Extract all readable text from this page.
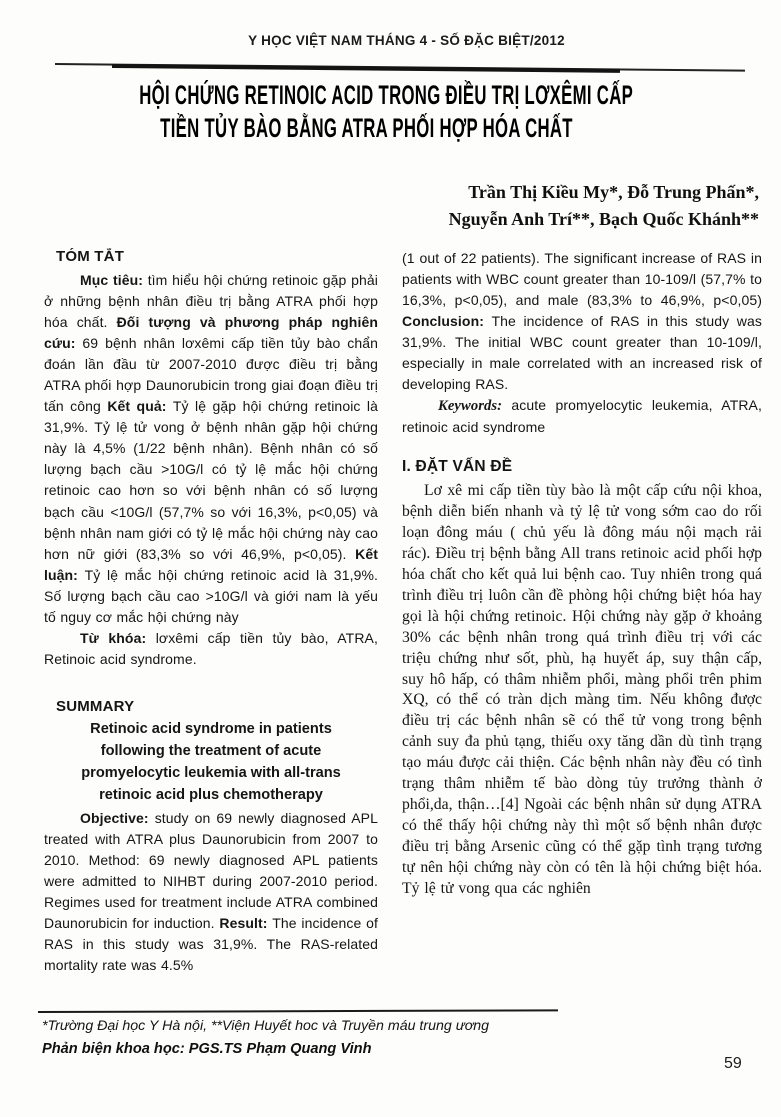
Y HỌC VIỆT NAM THÁNG 4 - SỐ ĐẶC BIỆT/2012
HỘI CHỨNG RETINOIC ACID TRONG ĐIỀU TRỊ LƠXÊMI CẤP
TIỀN TỦY BÀO BẰNG ATRA PHỐI HỢP HÓA CHẤT
Trần Thị Kiều My*, Đỗ Trung Phấn*,
Nguyễn Anh Trí**, Bạch Quốc Khánh**
TÓM TẮT

Mục tiêu: tìm hiểu hội chứng retinoic gặp phải ở những bệnh nhân điều trị bằng ATRA phối hợp hóa chất. Đối tượng và phương pháp nghiên cứu: 69 bệnh nhân lơxêmi cấp tiền tủy bào chẩn đoán lần đầu từ 2007-2010 được điều trị bằng ATRA phối hợp Daunorubicin trong giai đoạn điều trị tấn công Kết quả: Tỷ lệ gặp hội chứng retinoic là 31,9%. Tỷ lệ tử vong ở bệnh nhân gặp hội chứng này là 4,5% (1/22 bệnh nhân). Bệnh nhân có số lượng bạch cầu >10G/l có tỷ lệ mắc hội chứng retinoic cao hơn so với bệnh nhân có số lượng bạch cầu <10G/l (57,7% so với 16,3%, p<0,05) và bệnh nhân nam giới có tỷ lệ mắc hội chứng này cao hơn nữ giới (83,3% so với 46,9%, p<0,05). Kết luận: Tỷ lệ mắc hội chứng retinoic acid là 31,9%. Số lượng bạch cầu cao >10G/l và giới nam là yếu tố nguy cơ mắc hội chứng này

Từ khóa: lơxêmi cấp tiền tủy bào, ATRA, Retinoic acid syndrome.

SUMMARY
Retinoic acid syndrome in patients
following the treatment of acute
promyelocytic leukemia with all-trans
retinoic acid plus chemotherapy

Objective: study on 69 newly diagnosed APL treated with ATRA plus Daunorubicin from 2007 to 2010. Method: 69 newly diagnosed APL patients were admitted to NIHBT during 2007-2010 period. Regimes used for treatment include ATRA combined Daunorubicin for induction. Result: The incidence of RAS in this study was 31,9%. The RAS-related mortality rate was 4.5%

(1 out of 22 patients). The significant increase of RAS in patients with WBC count greater than 10-109/l (57,7% to 16,3%, p<0,05), and male (83,3% to 46,9%, p<0,05) Conclusion: The incidence of RAS in this study was 31,9%. The initial WBC count greater than 10-109/l, especially in male correlated with an increased risk of developing RAS.

Keywords: acute promyelocytic leukemia, ATRA, retinoic acid syndrome

I. ĐẶT VẤN ĐỀ

Lơ xê mi cấp tiền tùy bào là một cấp cứu nội khoa, bệnh diễn biến nhanh và tỷ lệ tử vong sớm cao do rối loạn đông máu ( chủ yếu là đông máu nội mạch rải rác). Điều trị bệnh bằng All trans retinoic acid phối hợp hóa chất cho kết quả lui bệnh cao. Tuy nhiên trong quá trình điều trị luôn cần đề phòng hội chứng biệt hóa hay gọi là hội chứng retinoic. Hội chứng này gặp ở khoảng 30% các bệnh nhân trong quá trình điều trị với các triệu chứng như sốt, phù, hạ huyết áp, suy thận cấp, suy hô hấp, có thâm nhiễm phổi, màng phổi trên phim XQ, có thể có tràn dịch màng tim. Nếu không được điều trị các bệnh nhân sẽ có thể tử vong trong bệnh cảnh suy đa phủ tạng, thiếu oxy tăng dần dù tình trạng tạo máu được cải thiện. Các bệnh nhân này đều có tình trạng thâm nhiễm tế bào dòng tủy trưởng thành ở phổi,da, thận…[4] Ngoài các bệnh nhân sử dụng ATRA có thể thấy hội chứng này thì một số bệnh nhân được điều trị bằng Arsenic cũng có thể gặp tình trạng tương tự nên hội chứng này còn có tên là hội chứng biệt hóa. Tỷ lệ tử vong qua các nghiên

*Trường Đại học Y Hà nội, **Viện Huyết hoc và Truyền máu trung ương
Phản biện khoa học: PGS.TS Phạm Quang Vinh
59
